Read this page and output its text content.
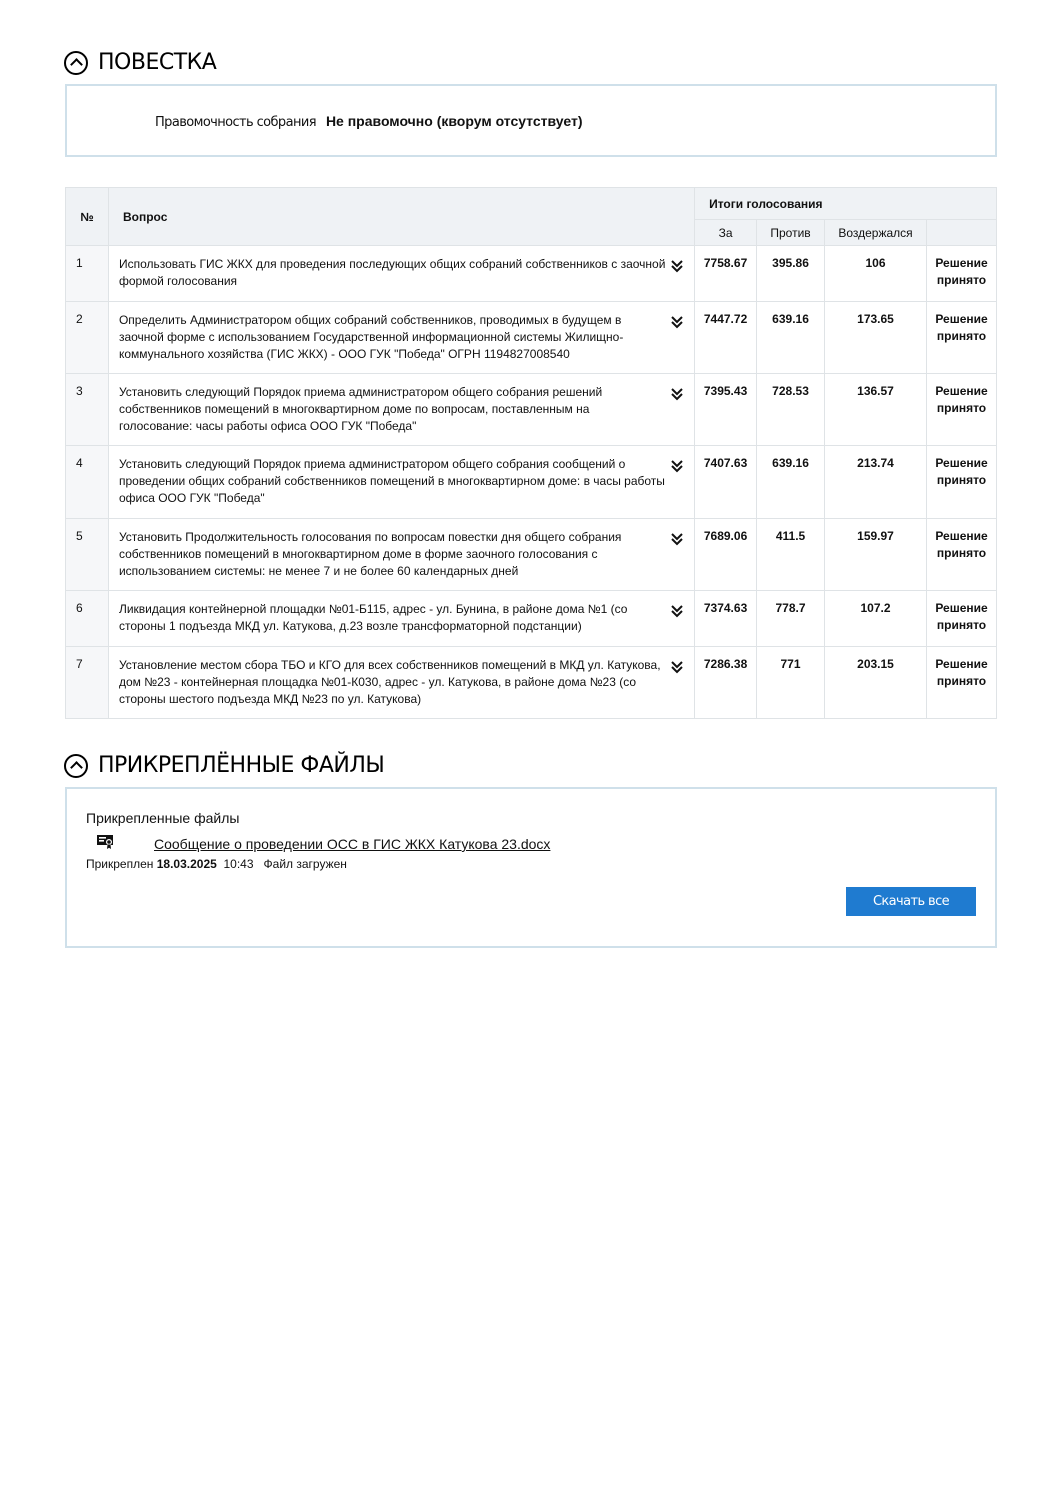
ПОВЕСТКА
Правомочность собрания Не правомочно (кворум отсутствует)
№	Вопрос	Итоги голосования			
		За	Против	Воздержался	
1	Использовать ГИС ЖКХ для проведения последующих общих собраний собственников с заочной формой голосования	7758.67	395.86	106	Решение принято
2	Определить Администратором общих собраний собственников, проводимых в будущем в заочной форме с использованием Государственной информационной системы Жилищно-коммунального хозяйства (ГИС ЖКХ) - ООО ГУК "Победа" ОГРН 1194827008540	7447.72	639.16	173.65	Решение принято
3	Установить следующий Порядок приема администратором общего собрания решений собственников помещений в многоквартирном доме по вопросам, поставленным на голосование: часы работы офиса ООО ГУК "Победа"	7395.43	728.53	136.57	Решение принято
4	Установить следующий Порядок приема администратором общего собрания сообщений о проведении общих собраний собственников помещений в многоквартирном доме: в часы работы офиса ООО ГУК "Победа"	7407.63	639.16	213.74	Решение принято
5	Установить Продолжительность голосования по вопросам повестки дня общего собрания собственников помещений в многоквартирном доме в форме заочного голосования с использованием системы: не менее 7 и не более 60 календарных дней	7689.06	411.5	159.97	Решение принято
6	Ликвидация контейнерной площадки №01-Б115, адрес - ул. Бунина, в районе дома №1 (со стороны 1 подъезда МКД ул. Катукова, д.23 возле трансформаторной подстанции)	7374.63	778.7	107.2	Решение принято
7	Установление местом сбора ТБО и КГО для всех собственников помещений в МКД ул. Катукова, дом №23 - контейнерная площадка №01-К030, адрес - ул. Катукова, в районе дома №23 (со стороны шестого подъезда МКД №23 по ул. Катукова)	7286.38	771	203.15	Решение принято
ПРИКРЕПЛЁННЫЕ ФАЙЛЫ
Прикрепленные файлы
Сообщение о проведении ОСС в ГИС ЖКХ Катукова 23.docx
Прикреплен 18.03.2025 10:43 Файл загружен
Скачать все
